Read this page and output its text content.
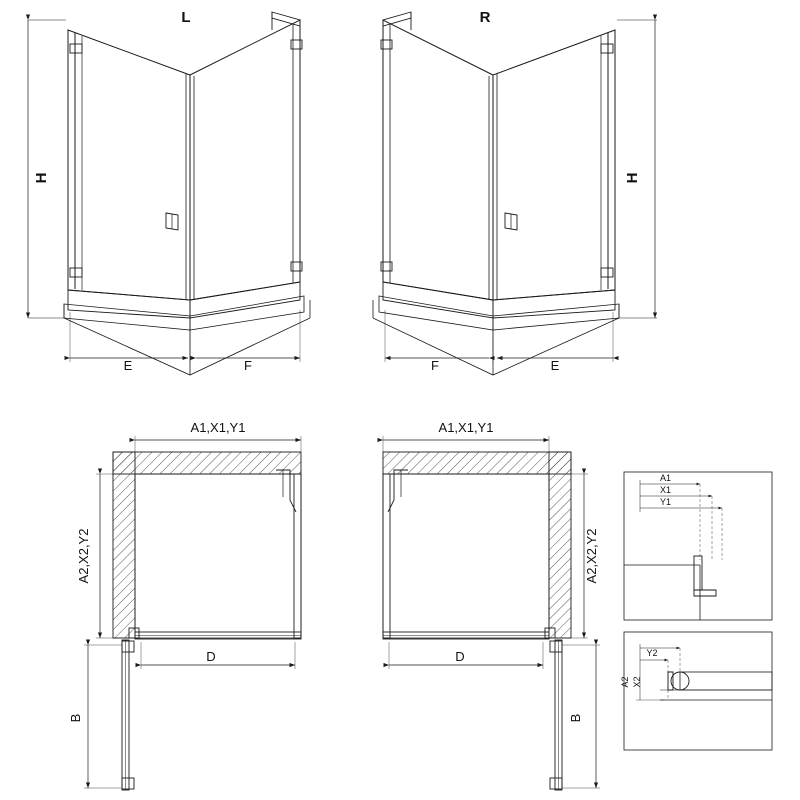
L	R
H	H
E	F	F	E
A1,X1,Y1	A1,X1,Y1
A2,X2,Y2	A2,X2,Y2
D	D
B	B
A1
X1
Y1
A2 X2
Y2
